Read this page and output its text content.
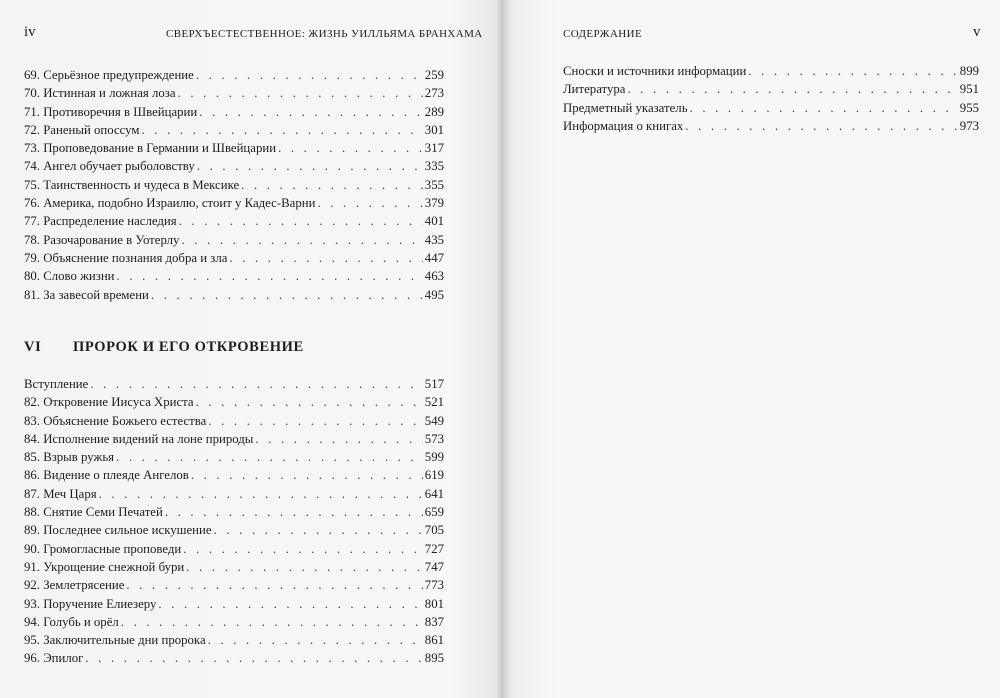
iv	СВЕРХЪЕСТЕСТВЕННОЕ: ЖИЗНЬ УИЛЛЬЯМА БРАНХАМА
69. Серьёзное предупреждение . . .	259
70. Истинная и ложная лоза . . .	273
71. Противоречия в Швейцарии . . .	289
72. Раненый опоссум . . .	301
73. Проповедование в Германии и Швейцарии . . .	317
74. Ангел обучает рыболовству . . .	335
75. Таинственность и чудеса в Мексике . . .	355
76. Америка, подобно Израилю, стоит у Кадес-Варни . . .	379
77. Распределение наследия . . .	401
78. Разочарование в Уотерлу . . .	435
79. Объяснение познания добра и зла . . .	447
80. Слово жизни . . .	463
81. За завесой времени . . .	495
VI ПРОРОК И ЕГО ОТКРОВЕНИЕ
Вступление . . .	517
82. Откровение Иисуса Христа . . .	521
83. Объяснение Божьего естества . . .	549
84. Исполнение видений на лоне природы . . .	573
85. Взрыв ружья . . .	599
86. Видение о плеяде Ангелов . . .	619
87. Меч Царя . . .	641
88. Снятие Семи Печатей . . .	659
89. Последнее сильное искушение . . .	705
90. Громогласные проповеди . . .	727
91. Укрощение снежной бури . . .	747
92. Землетрясение . . .	773
93. Поручение Елиезеру . . .	801
94. Голубь и орёл . . .	837
95. Заключительные дни пророка . . .	861
96. Эпилог . . .	895
СОДЕРЖАНИЕ	v
Сноски и источники информации . . .	899
Литература . . .	951
Предметный указатель . . .	955
Информация о книгах . . .	973
